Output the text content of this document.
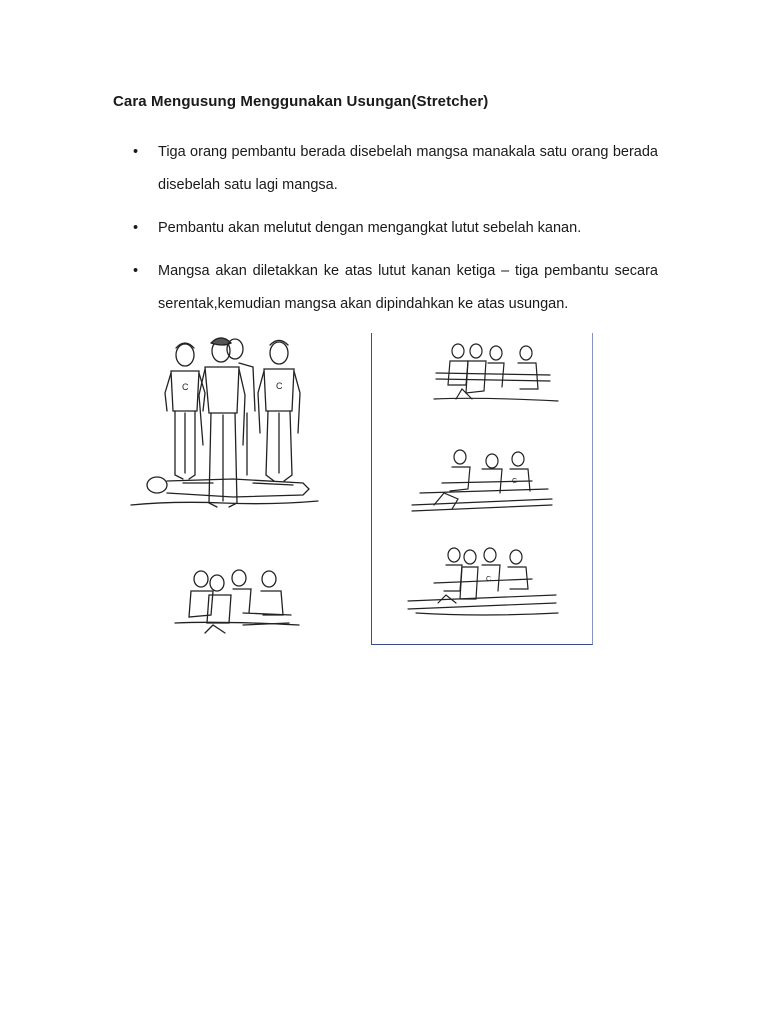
Cara Mengusung Menggunakan Usungan(Stretcher)
• Tiga orang pembantu berada disebelah mangsa manakala satu orang berada disebelah satu lagi mangsa.
• Pembantu akan melutut dengan mengangkat lutut sebelah kanan.
• Mangsa akan diletakkan ke atas lutut kanan ketiga – tiga pembantu secara serentak,kemudian mangsa akan dipindahkan ke atas usungan.
C	C
C
C
